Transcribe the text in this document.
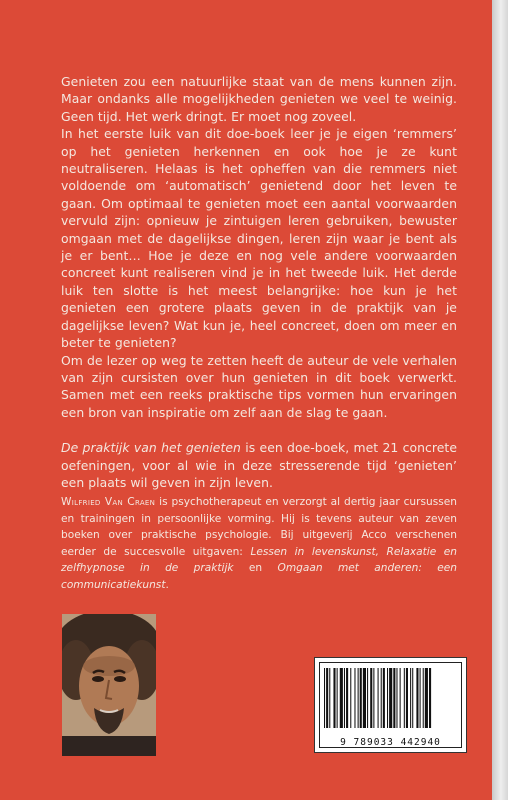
Genieten zou een natuurlijke staat van de mens kunnen zijn. Maar ondanks alle mogelijkheden genieten we veel te weinig. Geen tijd. Het werk dringt. Er moet nog zoveel.

In het eerste luik van dit doe-boek leer je je eigen ‘remmers’ op het genieten herkennen en ook hoe je ze kunt neutraliseren. Helaas is het opheffen van die remmers niet voldoende om ‘automatisch’ genietend door het leven te gaan. Om optimaal te genieten moet een aantal voorwaarden vervuld zijn: opnieuw je zintuigen leren gebruiken, bewuster omgaan met de dagelijkse dingen, leren zijn waar je bent als je er bent… Hoe je deze en nog vele andere voorwaarden concreet kunt realiseren vind je in het tweede luik. Het derde luik ten slotte is het meest belangrijke: hoe kun je het genieten een grotere plaats geven in de praktijk van je dagelijkse leven? Wat kun je, heel concreet, doen om meer en beter te genieten?

Om de lezer op weg te zetten heeft de auteur de vele verhalen van zijn cursisten over hun genieten in dit boek verwerkt. Samen met een reeks praktische tips vormen hun ervaringen een bron van inspiratie om zelf aan de slag te gaan.

De praktijk van het genieten is een doe-boek, met 21 concrete oefeningen, voor al wie in deze stresserende tijd ‘genieten’ een plaats wil geven in zijn leven.

Wilfried Van Craen is psychotherapeut en verzorgt al dertig jaar cursussen en trainingen in persoonlijke vorming. Hij is tevens auteur van zeven boeken over praktische psychologie. Bij uitgeverij Acco verschenen eerder de succesvolle uitgaven: Lessen in levenskunst, Relaxatie en zelfhypnose in de praktijk en Omgaan met anderen: een communicatiekunst.
9 789033 442940
